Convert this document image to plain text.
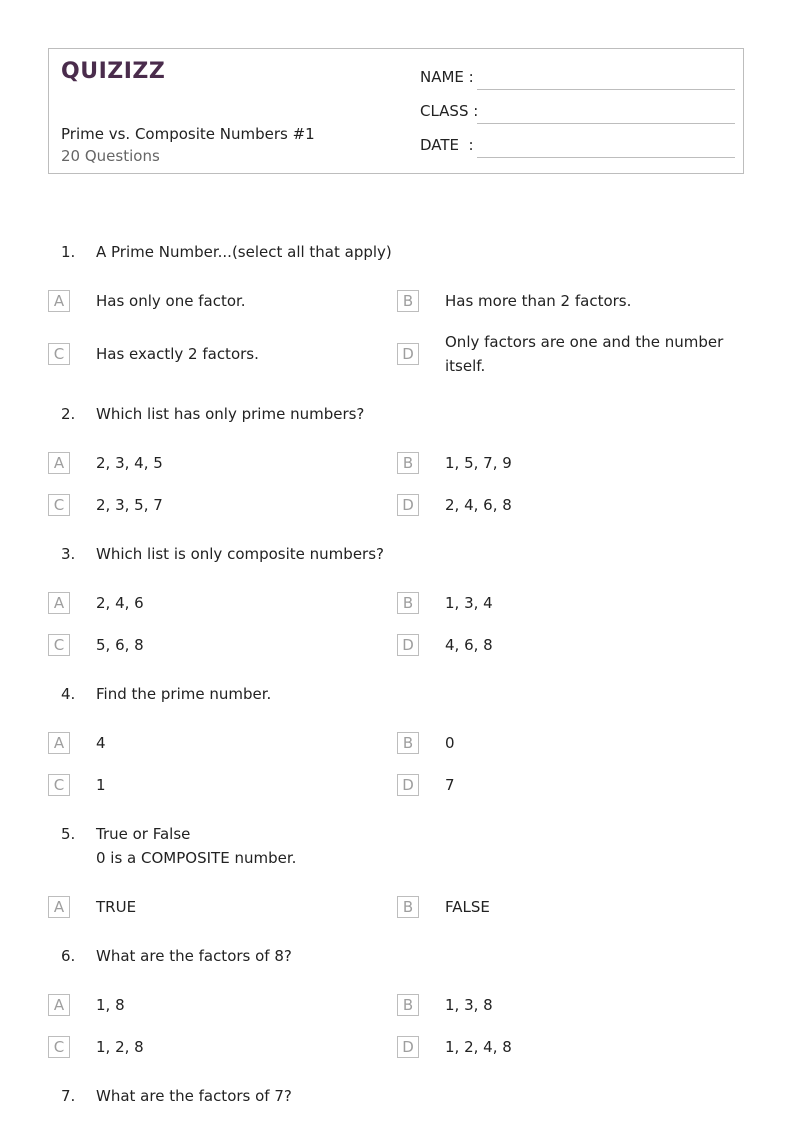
QUIZIZZ
Prime vs. Composite Numbers #1
20 Questions
NAME :
CLASS :
DATE  :
1. A Prime Number...(select all that apply)
A	Has only one factor.	B	Has more than 2 factors.
C	Has exactly 2 factors.	D
Only factors are one and the number itself.
2. Which list has only prime numbers?
A	2, 3, 4, 5	B	1, 5, 7, 9
C	2, 3, 5, 7	D	2, 4, 6, 8
3. Which list is only composite numbers?
A	2, 4, 6	B	1, 3, 4
C	5, 6, 8	D	4, 6, 8
4. Find the prime number.
A	4	B	0
C	1	D	7
5. True or False
0 is a COMPOSITE number.
A	TRUE	B	FALSE
6. What are the factors of 8?
A	1, 8	B	1, 3, 8
C	1, 2, 8	D	1, 2, 4, 8
7. What are the factors of 7?
